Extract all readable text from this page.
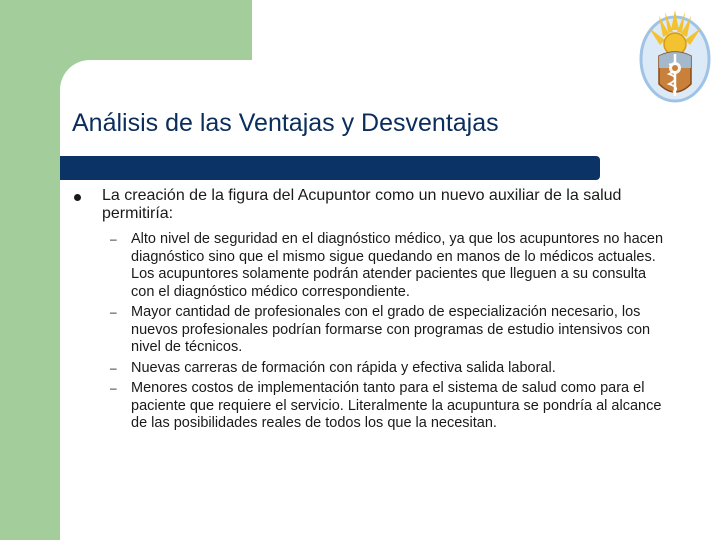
Análisis de las Ventajas y Desventajas
La creación de la figura del Acupuntor como un nuevo auxiliar de la salud permitiría:
– Alto nivel de seguridad en el diagnóstico médico, ya que los acupuntores no hacen diagnóstico sino que el mismo sigue quedando en manos de lo médicos actuales. Los acupuntores solamente podrán atender pacientes que lleguen a su consulta con el diagnóstico médico correspondiente.
– Mayor cantidad de profesionales con el grado de especialización necesario, los nuevos profesionales podrían formarse con programas de estudio intensivos con nivel de técnicos.
– Nuevas carreras de formación con rápida y efectiva salida laboral.
– Menores costos de implementación tanto para el sistema de salud como para el paciente que requiere el servicio. Literalmente la acupuntura se pondría al alcance de las posibilidades reales de todos los que la necesitan.
